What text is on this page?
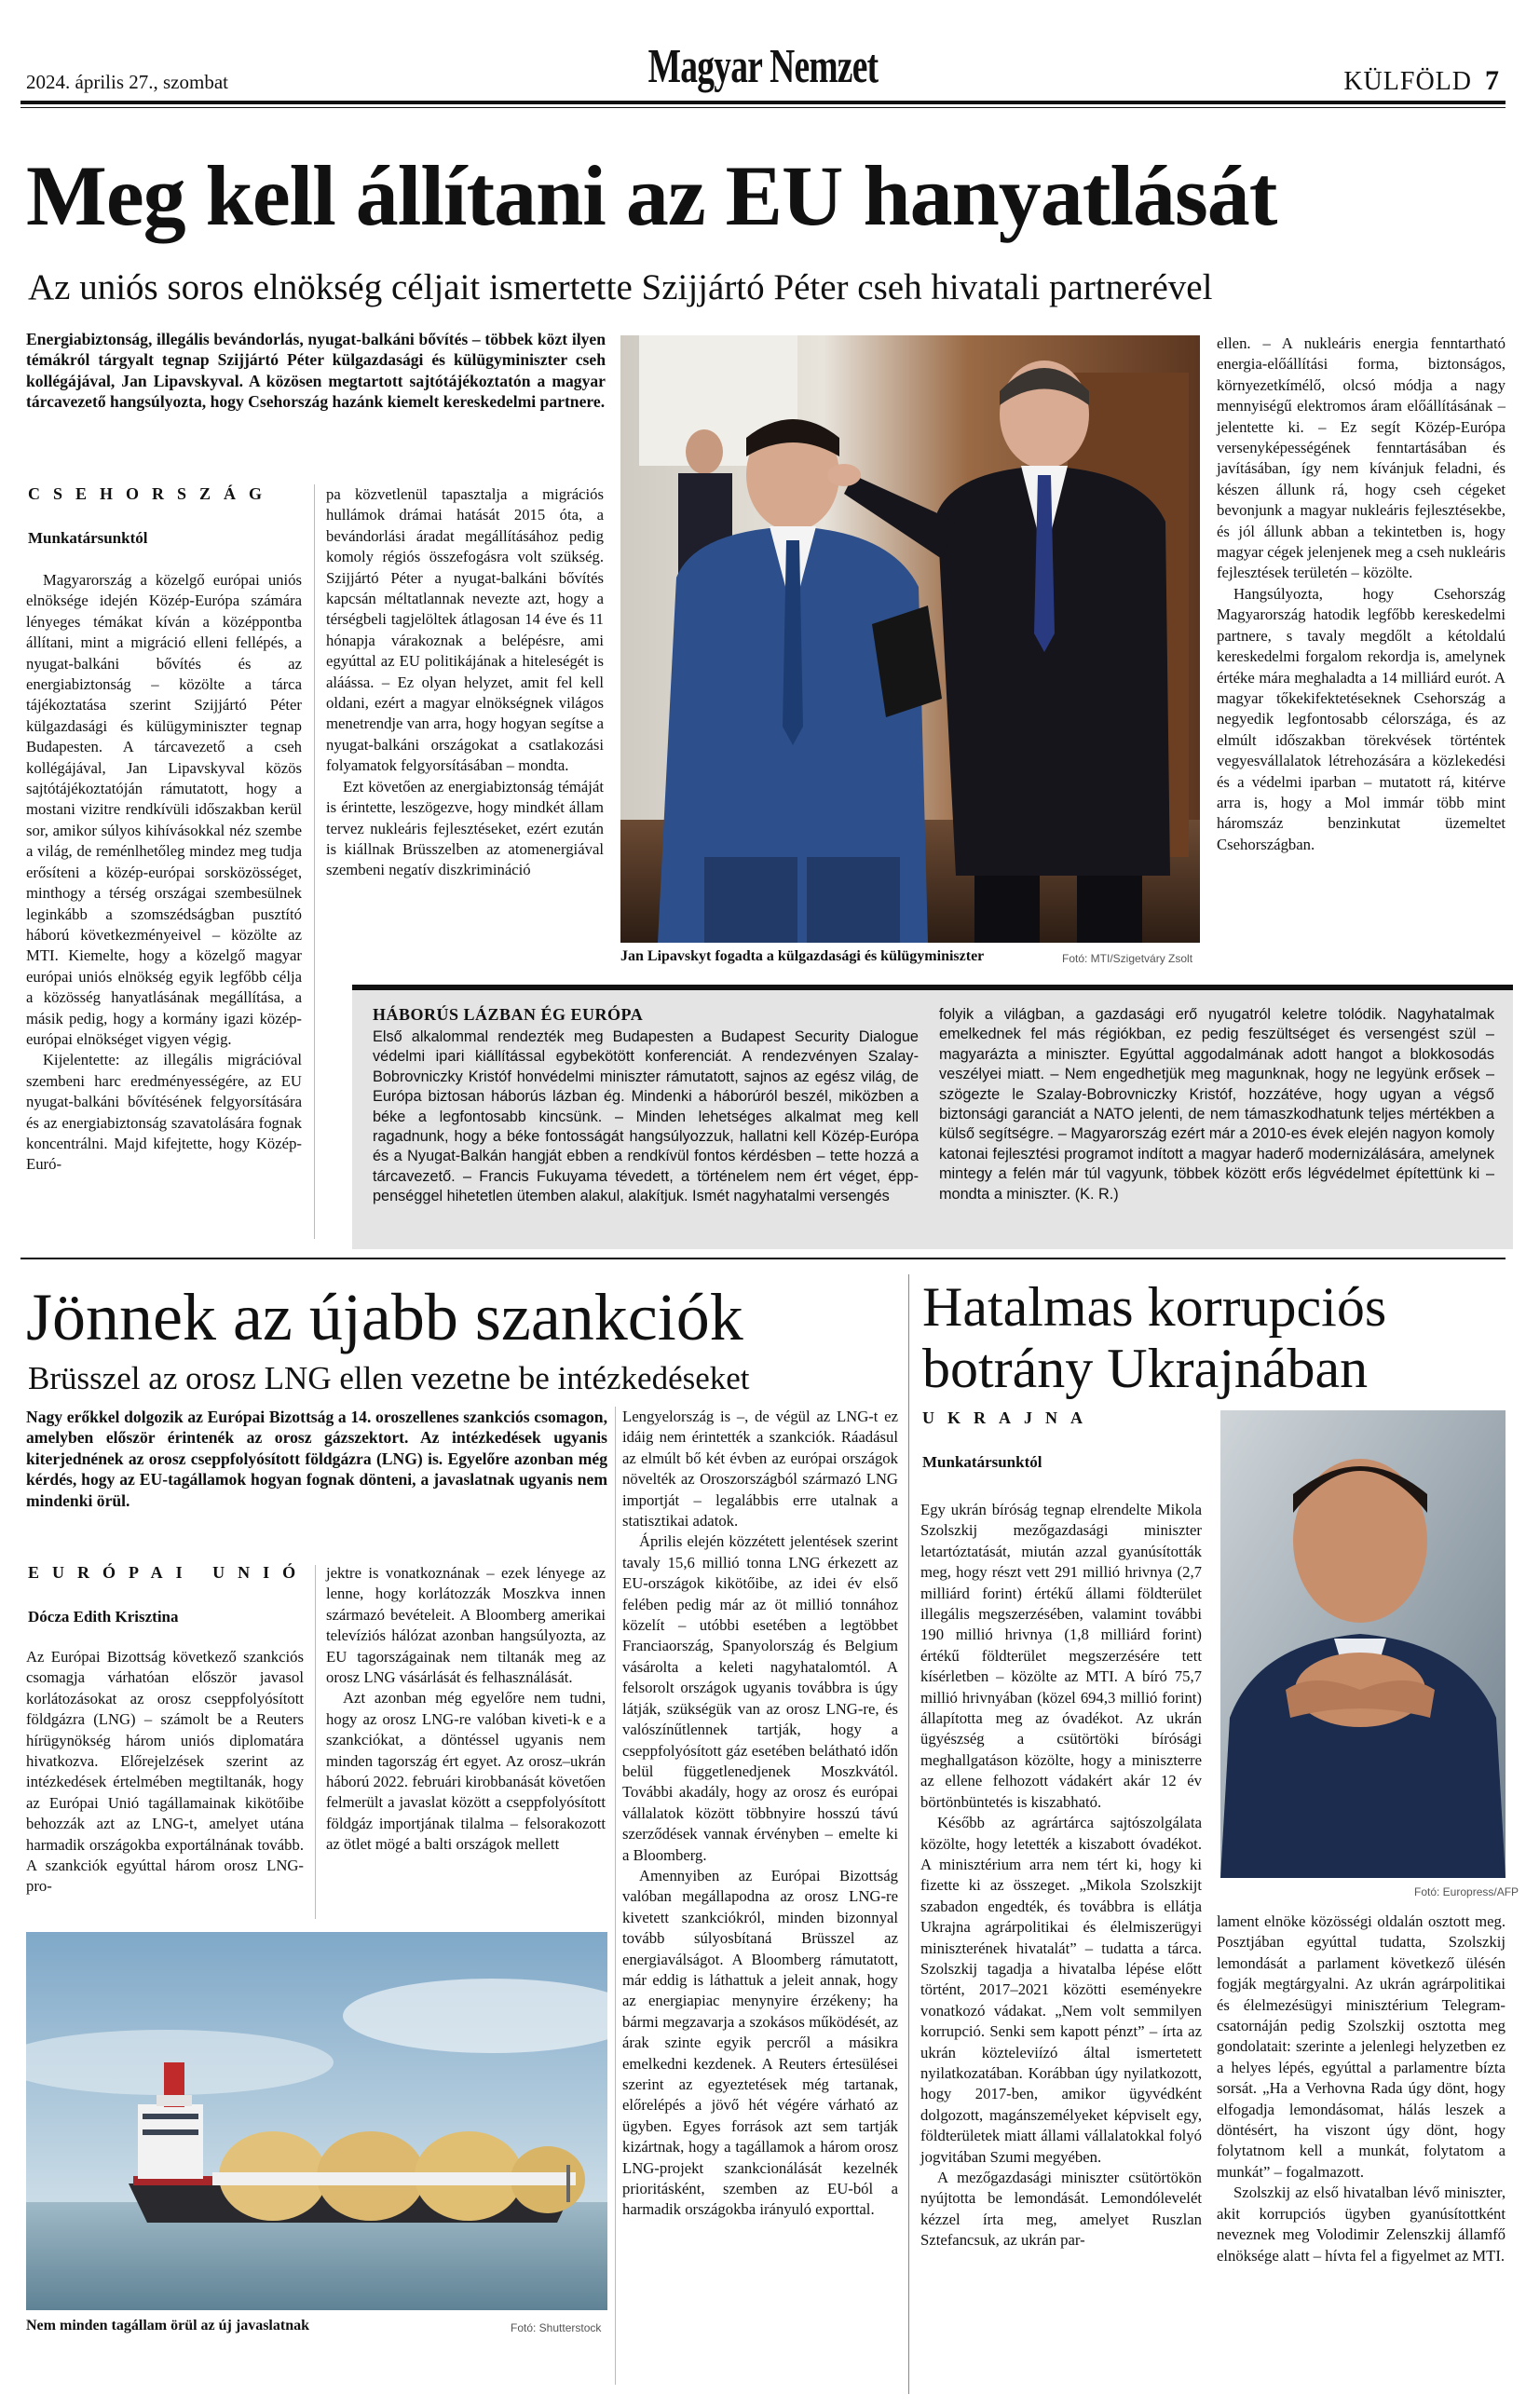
2024. április 27., szombat	Magyar Nemzet	KÜLFÖLD 7
Meg kell állítani az EU hanyatlását
Az uniós soros elnökség céljait ismertette Szijjártó Péter cseh hivatali partnerével
Energiabiztonság, illegális bevándorlás, nyugat-balkáni bővítés – többek közt ilyen témákról tárgyalt tegnap Szijjártó Péter külgazdasági és külügyminiszter cseh kollégájával, Jan Lipavskyval. A közösen megtartott sajtótájékoztatón a magyar tárcavezető hangsúlyozta, hogy Csehország hazánk kiemelt kereskedelmi partnere.
CSEHORSZÁG
Munkatársunktól

Magyarország a közelgő európai uniós elnöksége idején Közép-Európa számára lényeges témákat kíván a középpontba állítani, mint a migráció elleni fellépés, a nyugat-balkáni bővítés és az energiabiztonság – közölte a tárca tájékoztatása szerint Szijjártó Péter külgazdasági és külügyminiszter tegnap Budapesten. A tárcavezető a cseh kollégájával, Jan Lipavskyval közös sajtótájékoztatóján rámutatott, hogy a mostani vizitre rendkívüli időszakban kerül sor, amikor súlyos kihívásokkal néz szembe a világ, de reménlhetőleg mindez meg tudja erősíteni a közép-európai sorsközösséget, minthogy a térség országai szembesülnek leginkább a szomszédságban pusztító háború következményeivel – közölte az MTI. Kiemelte, hogy a közelgő magyar európai uniós elnökség egyik legfőbb célja a közösség hanyatlásának megállítása, a másik pedig, hogy a kormány igazi közép-európai elnökséget vigyen végig.

Kijelentette: az illegális migrációval szembeni harc eredményességére, az EU nyugat-balkáni bővítésének felgyorsítására és az energiabiztonság szavatolására fognak koncentrálni. Majd kifejtette, hogy Közép-Euró-

pa közvetlenül tapasztalja a migrációs hullámok drámai hatását 2015 óta, a bevándorlási áradat megállításához pedig komoly régiós összefogásra volt szükség. Szijjártó Péter a nyugat-balkáni bővítés kapcsán méltatlannak nevezte azt, hogy a térségbeli tagjelöltek átlagosan 14 éve és 11 hónapja várakoznak a belépésre, ami egyúttal az EU politikájának a hiteleségét is aláássa. – Ez olyan helyzet, amit fel kell oldani, ezért a magyar elnökségnek világos menetrendje van arra, hogy hogyan segítse a nyugat-balkáni országokat a csatlakozási folyamatok felgyorsításában – mondta.

Ezt követően az energiabiztonság témáját is érintette, leszögezve, hogy mindkét állam tervez nukleáris fejlesztéseket, ezért ezután is kiállnak Brüsszelben az atomenergiával szembeni negatív diszkrimináció

Jan Lipavskyt fogadta a külgazdasági és külügyminiszter	Fotó: MTI/Szigetváry Zsolt

ellen. – A nukleáris energia fenntartható energia-előállítási forma, biztonságos, környezetkímélő, olcsó módja a nagy mennyiségű elektromos áram előállításának – jelentette ki. – Ez segít Közép-Európa versenyképességének fenntartásában és javításában, így nem kívánjuk feladni, és készen állunk rá, hogy cseh cégeket bevonjunk a magyar nukleáris fejlesztésekbe, és jól állunk abban a tekintetben is, hogy magyar cégek jelenjenek meg a cseh nukleáris fejlesztések területén – közölte.

Hangsúlyozta, hogy Csehország Magyarország hatodik legfőbb kereskedelmi partnere, s tavaly megdőlt a kétoldalú kereskedelmi forgalom rekordja is, amelynek értéke mára meghaladta a 14 milliárd eurót. A magyar tőkekifektetéseknek Csehország a negyedik legfontosabb célországa, és az elmúlt időszakban törekvések történtek vegyesvállalatok létrehozására a közlekedési és a védelmi iparban – mutatott rá, kitérve arra is, hogy a Mol immár több mint háromszáz benzinkutat üzemeltet Csehországban.

HÁBORÚS LÁZBAN ÉG EURÓPA
Első alkalommal rendezték meg Budapesten a Budapest Security Dialogue védelmi ipari kiállítással egybekötött konferenciát. A rendezvényen Szalay-Bobrovniczky Kristóf honvédelmi miniszter rámutatott, sajnos az egész világ, de Európa biztosan háborús lázban ég. Mindenki a háborúról beszél, miközben a béke a legfontosabb kincsünk. – Minden lehetséges alkalmat meg kell ragadnunk, hogy a béke fontosságát hangsúlyozzuk, hallatni kell Közép-Európa és a Nyugat-Balkán hangját ebben a rendkívül fontos kérdésben – tette hozzá a tárcavezető. – Francis Fukuyama tévedett, a történelem nem ért véget, épppenséggel hihetetlen ütemben alakul, alakítjuk. Ismét nagyhatalmi versengés
folyik a világban, a gazdasági erő nyugatról keletre tolódik. Nagyhatalmak emelkednek fel más régiókban, ez pedig feszültséget és versengést szül – magyarázta a miniszter. Egyúttal aggodalmának adott hangot a blokkosodás veszélyei miatt. – Nem engedhetjük meg magunknak, hogy ne legyünk erősek – szögezte le Szalay-Bobrovniczky Kristóf, hozzátéve, hogy ugyan a végső biztonsági garanciát a NATO jelenti, de nem támaszkodhatunk teljes mértékben a külső segítségre. – Magyarország ezért már a 2010-es évek elején nagyon komoly katonai fejlesztési programot indított a magyar haderő modernizálására, amelynek mintegy a felén már túl vagyunk, többek között erős légvédelmet építettünk ki – mondta a miniszter. (K. R.)
Jönnek az újabb szankciók
Brüsszel az orosz LNG ellen vezetne be intézkedéseket
Nagy erőkkel dolgozik az Európai Bizottság a 14. oroszellenes szankciós csomagon, amelyben először érintenék az orosz gázszektort. Az intézkedések ugyanis kiterjednének az orosz cseppfolyósított földgázra (LNG) is. Egyelőre azonban még kérdés, hogy az EU-tagállamok hogyan fognak dönteni, a javaslatnak ugyanis nem mindenki örül.
EURÓPAI UNIÓ
Dócza Edith Krisztina

Az Európai Bizottság következő szankciós csomagja várhatóan először javasol korlátozásokat az orosz cseppfolyósított földgázra (LNG) – számolt be a Reuters hírügynökség három uniós diplomatára hivatkozva. Előrejelzések szerint az intézkedések értelmében megtiltanák, hogy az Európai Unió tagállamainak kikötőibe behozzák azt az LNG-t, amelyet utána harmadik országokba exportálnának tovább. A szankciók egyúttal három orosz LNG-pro-

jektre is vonatkoznának – ezek lényege az lenne, hogy korlátozzák Moszkva innen származó bevételeit. A Bloomberg amerikai televíziós hálózat azonban hangsúlyozta, az EU tagországainak nem tiltanák meg az orosz LNG vásárlását és felhasználását.

Azt azonban még egyelőre nem tudni, hogy az orosz LNG-re valóban kiveti-k e a szankciókat, a döntéssel ugyanis nem minden tagország ért egyet. Az orosz–ukrán háború 2022. februári kirobbanását követően felmerült a javaslat között a cseppfolyósított földgáz importjának tilalma – felsorakozott az ötlet mögé a balti országok mellett

Lengyelország is –, de végül az LNG-t ez idáig nem érintették a szankciók. Ráadásul az elmúlt bő két évben az európai országok növelték az Oroszországból származó LNG importját – legalábbis erre utalnak a statisztikai adatok.

Április elején közzétett jelentések szerint tavaly 15,6 millió tonna LNG érkezett az EU-országok kikötőibe, az idei év első felében pedig már az öt millió tonnához közelít – utóbbi esetében a legtöbbet Franciaország, Spanyolország és Belgium vásárolta a keleti nagyhatalomtól. A felsorolt országok ugyanis továbbra is úgy látják, szükségük van az orosz LNG-re, és valószínűtlennek tartják, hogy a cseppfolyósított gáz esetében belátható időn belül függetlenedjenek Moszkvától. További akadály, hogy az orosz és európai vállalatok között többnyire hosszú távú szerződések vannak érvényben – emelte ki a Bloomberg.

Amennyiben az Európai Bizottság valóban megállapodna az orosz LNG-re kivetett szankciókról, minden bizonnyal tovább súlyosbítaná Brüsszel az energiaválságot. A Bloomberg rámutatott, már eddig is láthattuk a jeleit annak, hogy az energiapiac menynyire érzékeny; ha bármi megzavarja a szokásos működését, az árak szinte egyik percről a másikra emelkedni kezdenek. A Reuters értesülései szerint az egyeztetések még tartanak, előrelépés a jövő hét végére várható az ügyben. Egyes források azt sem tartják kizártnak, hogy a tagállamok a három orosz LNG-projekt szankcionálását kezelnék prioritásként, szemben az EU-ból a harmadik országokba irányuló exporttal.

Nem minden tagállam örül az új javaslatnak	Fotó: Shutterstock
Hatalmas korrupciós botrány Ukrajnában
UKRAJNA
Munkatársunktól

Egy ukrán bíróság tegnap elrendelte Mikola Szolszkij mezőgazdasági miniszter letartóztatását, miután azzal gyanúsították meg, hogy részt vett 291 millió hrivnya (2,7 milliárd forint) értékű állami földterület illegális megszerzésében, valamint további 190 millió hrivnya (1,8 milliárd forint) értékű földterület megszerzésére tett kísérletben – közölte az MTI. A bíró 75,7 millió hrivnyában (közel 694,3 millió forint) állapította meg az óvadékot. Az ukrán ügyészség a csütörtöki bírósági meghallgatáson közölte, hogy a miniszterre az ellene felhozott vádakért akár 12 év börtönbüntetés is kiszabható.

Később az agrártárca sajtószolgálata közölte, hogy letették a kiszabott óvadékot. A minisztérium arra nem tért ki, hogy ki fizette ki az összeget. „Mikola Szolszkijt szabadon engedték, és továbbra is ellátja Ukrajna agrárpolitikai és élelmiszerügyi miniszterének hivatalát” – tudatta a tárca. Szolszkij tagadja a hivatalba lépése előtt történt, 2017–2021 közötti eseményekre vonatkozó vádakat. „Nem volt semmilyen korrupció. Senki sem kapott pénzt” – írta az ukrán közteleviízó által ismertetett nyilatkozatában. Korábban úgy nyilatkozott, hogy 2017-ben, amikor ügyvédként dolgozott, magánszemélyeket képviselt egy, földterületek miatt állami vállalatokkal folyó jogvitában Szumi megyében.

A mezőgazdasági miniszter csütörtökön nyújtotta be lemondását. Lemondólevelét kézzel írta meg, amelyet Ruszlan Sztefancsuk, az ukrán par-

Fotó: Europress/AFP

lament elnöke közösségi oldalán osztott meg. Posztjában egyúttal tudatta, Szolszkij lemondását a parlament következő ülésén fogják megtárgyalni. Az ukrán agrárpolitikai és élelmezésügyi minisztérium Telegram-csatornáján pedig Szolszkij osztotta meg gondolatait: szerinte a jelenlegi helyzetben ez a helyes lépés, egyúttal a parlamentre bízta sorsát. „Ha a Verhovna Rada úgy dönt, hogy elfogadja lemondásomat, hálás leszek a döntésért, ha viszont úgy dönt, hogy folytatnom kell a munkát, folytatom a munkát” – fogalmazott.

Szolszkij az első hivatalban lévő miniszter, akit korrupciós ügyben gyanúsítottként neveznek meg Volodimir Zelenszkij államfő elnöksége alatt – hívta fel a figyelmet az MTI.
